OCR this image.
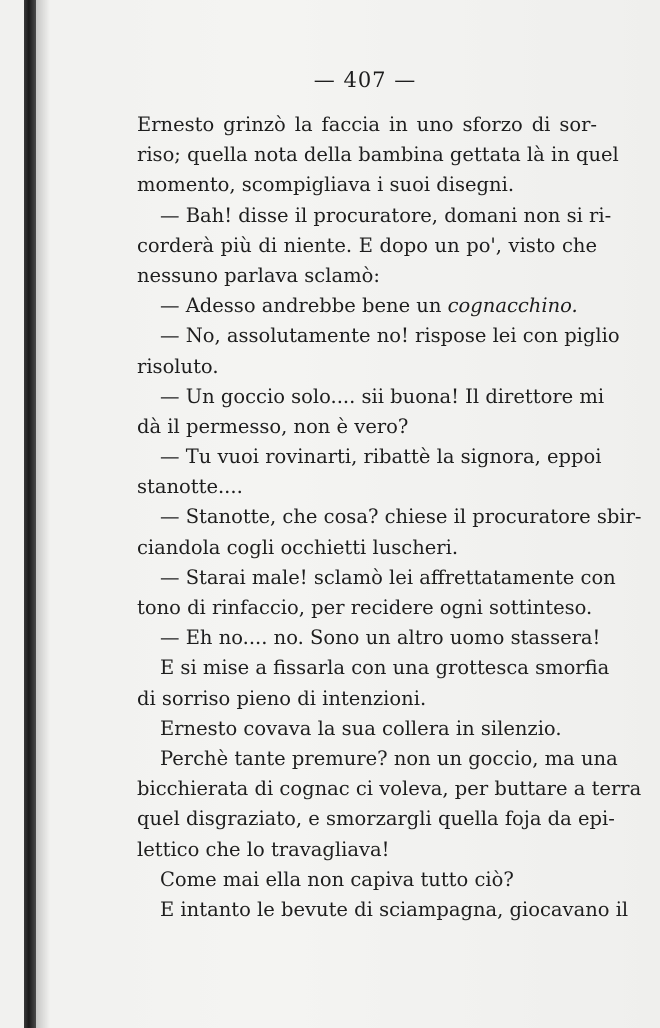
— 407 —
Ernesto grinzò la faccia in uno sforzo di sor-
riso; quella nota della bambina gettata là in quel
momento, scompigliava i suoi disegni.
— Bah! disse il procuratore, domani non si ri-
corderà più di niente. E dopo un po', visto che
nessuno parlava sclamò:
— Adesso andrebbe bene un cognacchino.
— No, assolutamente no! rispose lei con piglio
risoluto.
— Un goccio solo.... sii buona! Il direttore mi
dà il permesso, non è vero?
— Tu vuoi rovinarti, ribattè la signora, eppoi
stanotte....
— Stanotte, che cosa? chiese il procuratore sbir-
ciandola cogli occhietti luscheri.
— Starai male! sclamò lei affrettatamente con
tono di rinfaccio, per recidere ogni sottinteso.
— Eh no.... no. Sono un altro uomo stassera!
E si mise a fissarla con una grottesca smorfia
di sorriso pieno di intenzioni.
Ernesto covava la sua collera in silenzio.
Perchè tante premure? non un goccio, ma una
bicchierata di cognac ci voleva, per buttare a terra
quel disgraziato, e smorzargli quella foja da epi-
lettico che lo travagliava!
Come mai ella non capiva tutto ciò?
E intanto le bevute di sciampagna, giocavano il
